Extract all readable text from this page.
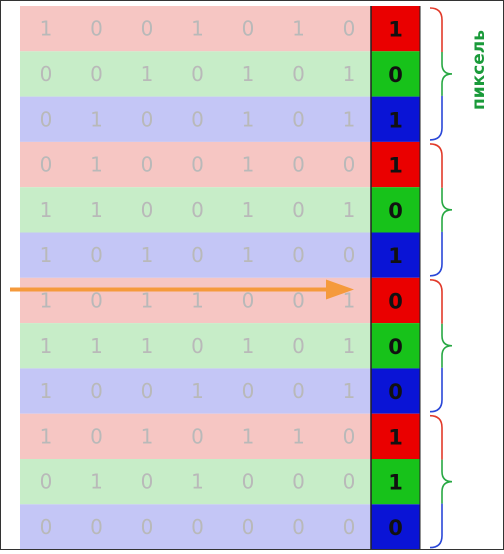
1 0 0 1 0 1 0 1
0 0 1 0 1 0 1 0
0 1 0 0 1 0 1 1
0 1 0 0 1 0 0 1
1 1 0 0 1 0 1 0
1 0 1 0 1 0 0 1
1 0 1 1 0 0 1 0
1 1 1 0 1 0 1 0
1 0 0 1 0 0 1 0
1 0 1 0 1 1 0 1
0 1 0 1 0 0 0 1
0 0 0 0 0 0 0 0
пиксель
